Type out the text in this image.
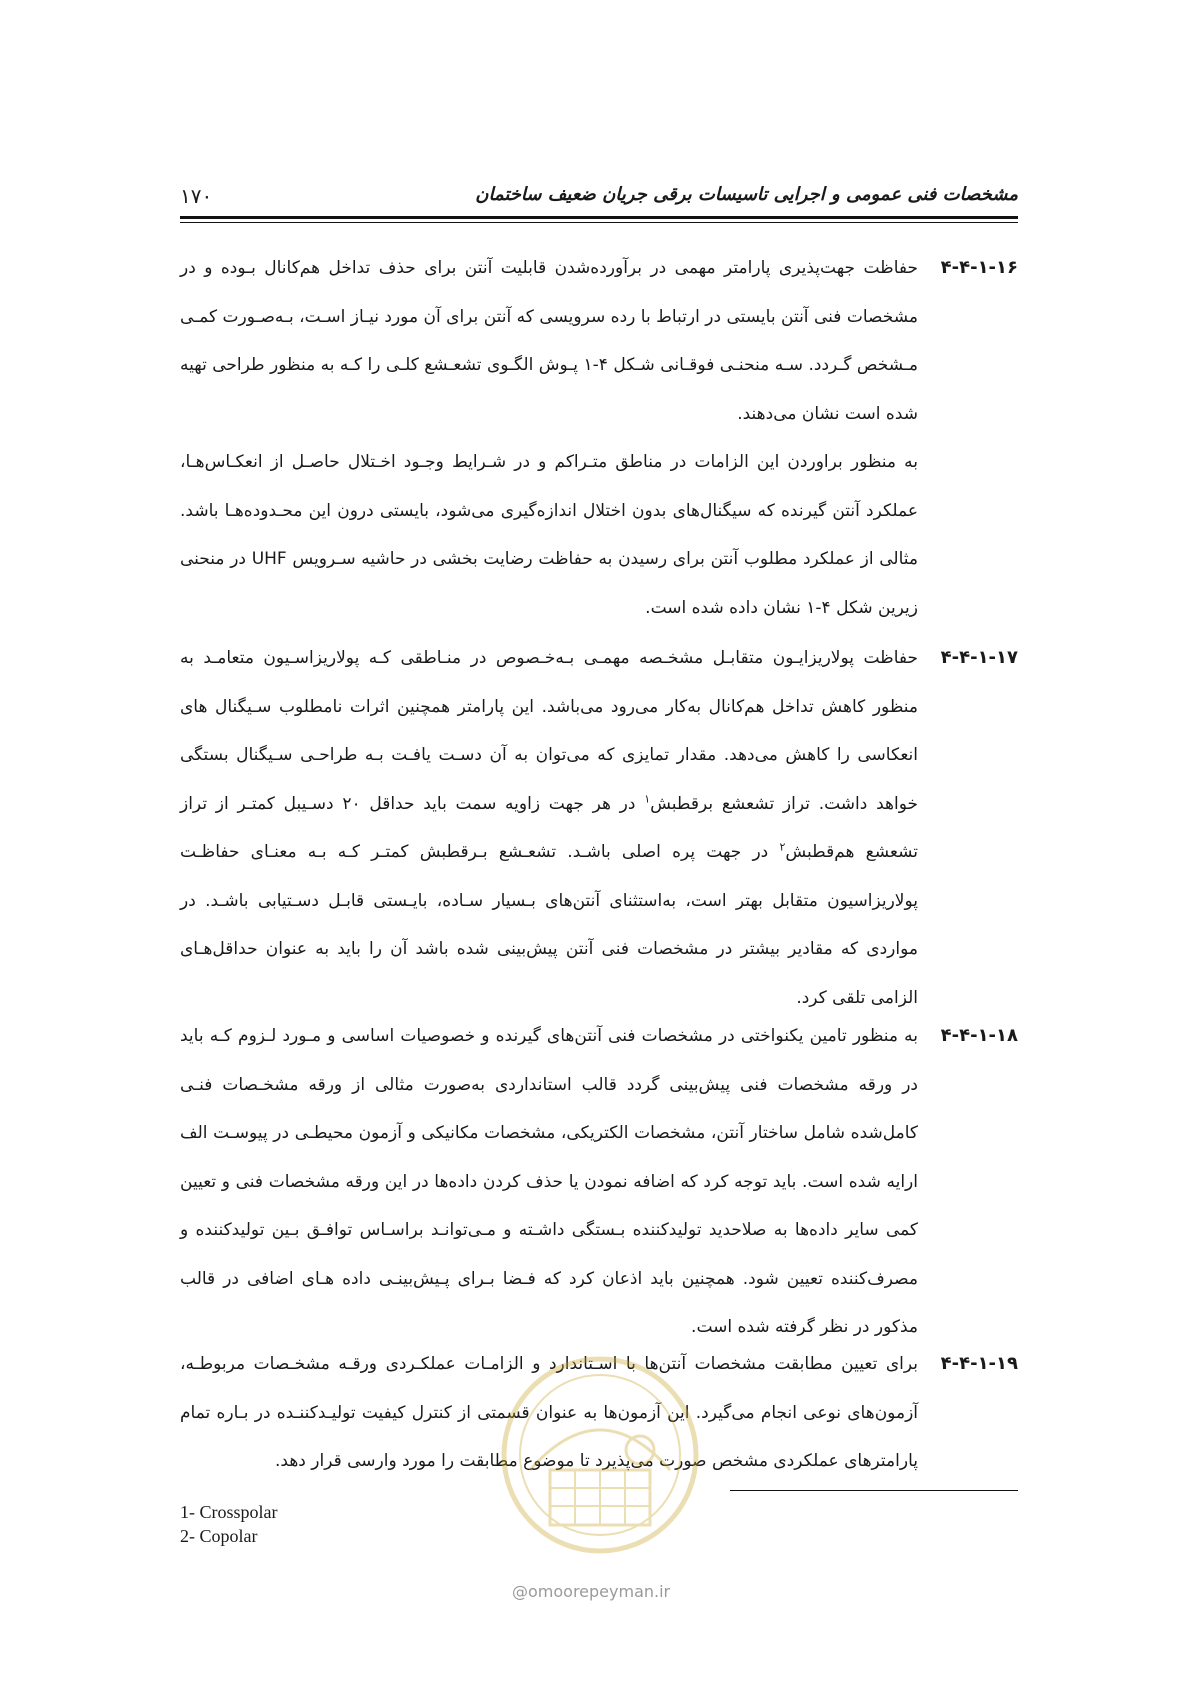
مشخصات فنی عمومی و اجرایی تاسیسات برقی جریان ضعیف ساختمان
۱۷۰
۴-۴-۱-۱۶

حفاظت جهت‌پذیری پارامتر مهمی در برآورده‌شدن قابلیت آنتن برای حذف تداخل هم‌کانال بـوده و در مشخصات فنی آنتن بایستی در ارتباط با رده سرویسی که آنتن برای آن مورد نیـاز اسـت، بـه‌صـورت کمـی مـشخص گـردد. سـه منحنـی فوقـانی شـکل ۴-۱ پـوش الگـوی تشعـشع کلـی را کـه به منظور طراحی تهیه شده است نشان می‌دهند.

به منظور براوردن این الزامات در مناطق متـراکم و در شـرایط وجـود اخـتلال حاصـل از انعکـاس‌هـا، عملکرد آنتن گیرنده که سیگنال‌های بدون اختلال اندازه‌گیری می‌شود، بایستی درون این محـدوده‌هـا باشد. مثالی از عملکرد مطلوب آنتن برای رسیدن به حفاظت رضایت بخشی در حاشیه سـرویس UHF در منحنی زیرین شکل ۴-۱ نشان داده شده است.

۴-۴-۱-۱۷

حفاظت پولاریزایـون متقابـل مشخـصه مهمـی بـه‌خـصوص در منـاطقی کـه پولاریزاسـیون متعامـد به منظور کاهش تداخل هم‌کانال به‌کار می‌رود می‌باشد. این پارامتر همچنین اثرات نامطلوب سـیگنال های انعکاسی را کاهش می‌دهد. مقدار تمایزی که می‌توان به آن دسـت یافـت بـه طراحـی سـیگنال بستگی خواهد داشت. تراز تشعشع برقطبش$^۱$ در هر جهت زاویه سمت باید حداقل ۲۰ دسـیبل کمتـر از تراز تشعشع هم‌قطبش$^۲$ در جهت پره اصلی باشـد. تشعـشع بـرقطبش کمتـر کـه بـه معنـای حفاظـت پولاریزاسیون متقابل بهتر است، به‌استثنای آنتن‌های بـسیار سـاده، بایـستی قابـل دسـتیابی باشـد. در مواردی که مقادیر بیشتر در مشخصات فنی آنتن پیش‌بینی شده باشد آن را باید به عنوان حداقل‌هـای الزامی تلقی کرد.

۴-۴-۱-۱۸

به منظور تامین یکنواختی در مشخصات فنی آنتن‌های گیرنده و خصوصیات اساسی و مـورد لـزوم کـه باید در ورقه مشخصات فنی پیش‌بینی گردد قالب استانداردی به‌صورت مثالی از ورقه مشخـصات فنـی کامل‌شده شامل ساختار آنتن، مشخصات الکتریکی، مشخصات مکانیکی و آزمون محیطـی در پیوسـت الف ارایه شده است. باید توجه کرد که اضافه نمودن یا حذف کردن داده‌ها در این ورقه مشخصات فنی و تعیین کمی سایر داده‌ها به صلاحدید تولیدکننده بـستگی داشـته و مـی‌توانـد براسـاس توافـق بـین تولیدکننده و مصرف‌کننده تعیین شود. همچنین باید اذعان کرد که فـضا بـرای پـیش‌بینـی داده هـای اضافی در قالب مذکور در نظر گرفته شده است.

۴-۴-۱-۱۹

برای تعیین مطابقت مشخصات آنتن‌ها با اسـتاندارد و الزامـات عملکـردی ورقـه مشخـصات مربوطـه، آزمون‌های نوعی انجام می‌گیرد. این آزمون‌ها به عنوان قسمتی از کنترل کیفیت تولیـدکننـده در بـاره تمام پارامترهای عملکردی مشخص صورت می‌پذیرد تا موضوع مطابقت را مورد وارسی قرار دهد.

@omoorepeyman.ir
1- Crosspolar
2- Copolar
